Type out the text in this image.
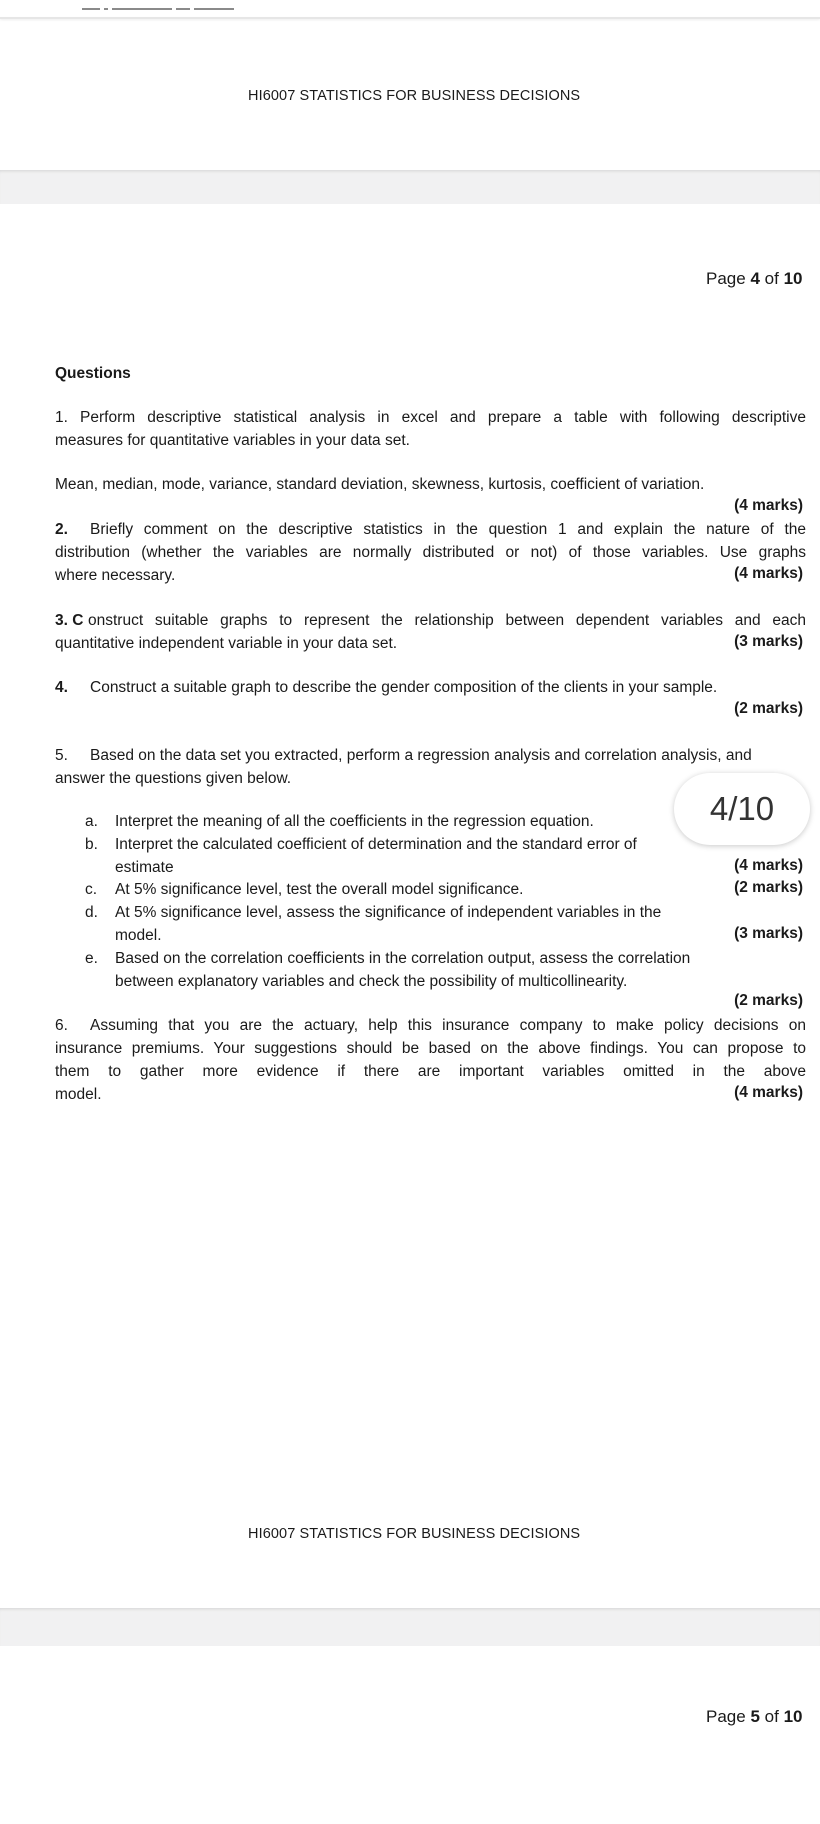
HI6007 STATISTICS FOR BUSINESS DECISIONS
Page 4 of 10
Questions
1. Perform descriptive statistical analysis in excel and prepare a table with following descriptive
measures for quantitative variables in your data set.
Mean, median, mode, variance, standard deviation, skewness, kurtosis, coefficient of variation.
(4 marks)
2. Briefly comment on the descriptive statistics in the question 1 and explain the nature of the
distribution (whether the variables are normally distributed or not) of those variables. Use graphs
where necessary.	(4 marks)
3. C onstruct suitable graphs to represent the relationship between dependent variables and each
quantitative independent variable in your data set.	(3 marks)
4. Construct a suitable graph to describe the gender composition of the clients in your sample.
(2 marks)
5. Based on the data set you extracted, perform a regression analysis and correlation analysis, and
answer the questions given below.
a.	Interpret the meaning of all the coefficients in the regression equation.
b.	Interpret the calculated coefficient of determination and the standard error of
estimate	(4 marks)
c.	At 5% significance level, test the overall model significance.	(2 marks)
d.	At 5% significance level, assess the significance of independent variables in the
model.	(3 marks)
e.	Based on the correlation coefficients in the correlation output, assess the correlation
between explanatory variables and check the possibility of multicollinearity.
(2 marks)
6. Assuming that you are the actuary, help this insurance company to make policy decisions on
insurance premiums. Your suggestions should be based on the above findings. You can propose to
them to gather more evidence if there are important variables omitted in the above
model.	(4 marks)
4/10
HI6007 STATISTICS FOR BUSINESS DECISIONS
Page 5 of 10
